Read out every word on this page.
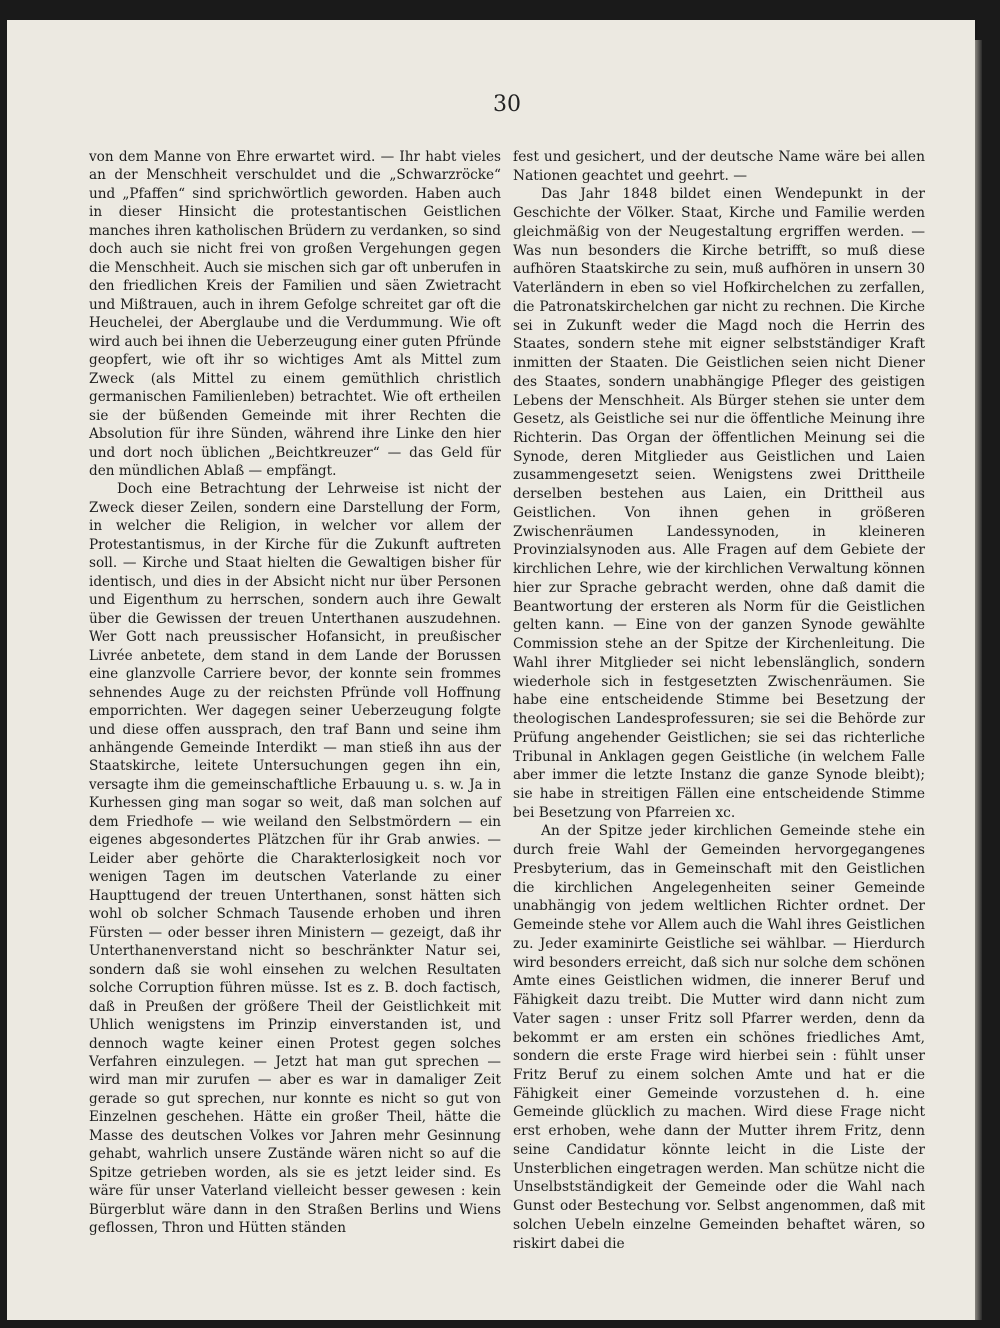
30

von dem Manne von Ehre erwartet wird. — Ihr habt vieles an der Menschheit verschuldet und die „Schwarzröcke“ und „Pfaffen“ sind sprichwörtlich geworden. Haben auch in dieser Hinsicht die protestantischen Geistlichen manches ihren katholischen Brüdern zu verdanken, so sind doch auch sie nicht frei von großen Vergehungen gegen die Menschheit. Auch sie mischen sich gar oft unberufen in den friedlichen Kreis der Familien und säen Zwietracht und Mißtrauen, auch in ihrem Gefolge schreitet gar oft die Heuchelei, der Aberglaube und die Verdummung. Wie oft wird auch bei ihnen die Ueberzeugung einer guten Pfründe geopfert, wie oft ihr so wichtiges Amt als Mittel zum Zweck (als Mittel zu einem gemüthlich christlich germanischen Familienleben) betrachtet. Wie oft ertheilen sie der büßenden Gemeinde mit ihrer Rechten die Absolution für ihre Sünden, während ihre Linke den hier und dort noch üblichen „Beichtkreuzer“ — das Geld für den mündlichen Ablaß — empfängt.

Doch eine Betrachtung der Lehrweise ist nicht der Zweck dieser Zeilen, sondern eine Darstellung der Form, in welcher die Religion, in welcher vor allem der Protestantismus, in der Kirche für die Zukunft auftreten soll. — Kirche und Staat hielten die Gewaltigen bisher für identisch, und dies in der Absicht nicht nur über Personen und Eigenthum zu herrschen, sondern auch ihre Gewalt über die Gewissen der treuen Unterthanen auszudehnen. Wer Gott nach preussischer Hofansicht, in preußischer Livrée anbetete, dem stand in dem Lande der Borussen eine glanzvolle Carriere bevor, der konnte sein frommes sehnendes Auge zu der reichsten Pfründe voll Hoffnung emporrichten. Wer dagegen seiner Ueberzeugung folgte und diese offen aussprach, den traf Bann und seine ihm anhängende Gemeinde Interdikt — man stieß ihn aus der Staatskirche, leitete Untersuchungen gegen ihn ein, versagte ihm die gemeinschaftliche Erbauung u. s. w. Ja in Kurhessen ging man sogar so weit, daß man solchen auf dem Friedhofe — wie weiland den Selbstmördern — ein eigenes abgesondertes Plätzchen für ihr Grab anwies. — Leider aber gehörte die Charakterlosigkeit noch vor wenigen Tagen im deutschen Vaterlande zu einer Haupttugend der treuen Unterthanen, sonst hätten sich wohl ob solcher Schmach Tausende erhoben und ihren Fürsten — oder besser ihren Ministern — gezeigt, daß ihr Unterthanenverstand nicht so beschränkter Natur sei, sondern daß sie wohl einsehen zu welchen Resultaten solche Corruption führen müsse. Ist es z. B. doch factisch, daß in Preußen der größere Theil der Geistlichkeit mit Uhlich wenigstens im Prinzip einverstanden ist, und dennoch wagte keiner einen Protest gegen solches Verfahren einzulegen. — Jetzt hat man gut sprechen — wird man mir zurufen — aber es war in damaliger Zeit gerade so gut sprechen, nur konnte es nicht so gut von Einzelnen geschehen. Hätte ein großer Theil, hätte die Masse des deutschen Volkes vor Jahren mehr Gesinnung gehabt, wahrlich unsere Zustände wären nicht so auf die Spitze getrieben worden, als sie es jetzt leider sind. Es wäre für unser Vaterland vielleicht besser gewesen : kein Bürgerblut wäre dann in den Straßen Berlins und Wiens geflossen, Thron und Hütten ständen

fest und gesichert, und der deutsche Name wäre bei allen Nationen geachtet und geehrt. —

Das Jahr 1848 bildet einen Wendepunkt in der Geschichte der Völker. Staat, Kirche und Familie werden gleichmäßig von der Neugestaltung ergriffen werden. — Was nun besonders die Kirche betrifft, so muß diese aufhören Staatskirche zu sein, muß aufhören in unsern 30 Vaterländern in eben so viel Hofkirchelchen zu zerfallen, die Patronatskirchelchen gar nicht zu rechnen. Die Kirche sei in Zukunft weder die Magd noch die Herrin des Staates, sondern stehe mit eigner selbstständiger Kraft inmitten der Staaten. Die Geistlichen seien nicht Diener des Staates, sondern unabhängige Pfleger des geistigen Lebens der Menschheit. Als Bürger stehen sie unter dem Gesetz, als Geistliche sei nur die öffentliche Meinung ihre Richterin. Das Organ der öffentlichen Meinung sei die Synode, deren Mitglieder aus Geistlichen und Laien zusammengesetzt seien. Wenigstens zwei Drittheile derselben bestehen aus Laien, ein Drittheil aus Geistlichen. Von ihnen gehen in größeren Zwischenräumen Landessynoden, in kleineren Provinzialsynoden aus. Alle Fragen auf dem Gebiete der kirchlichen Lehre, wie der kirchlichen Verwaltung können hier zur Sprache gebracht werden, ohne daß damit die Beantwortung der ersteren als Norm für die Geistlichen gelten kann. — Eine von der ganzen Synode gewählte Commission stehe an der Spitze der Kirchenleitung. Die Wahl ihrer Mitglieder sei nicht lebenslänglich, sondern wiederhole sich in festgesetzten Zwischenräumen. Sie habe eine entscheidende Stimme bei Besetzung der theologischen Landesprofessuren; sie sei die Behörde zur Prüfung angehender Geistlichen; sie sei das richterliche Tribunal in Anklagen gegen Geistliche (in welchem Falle aber immer die letzte Instanz die ganze Synode bleibt); sie habe in streitigen Fällen eine entscheidende Stimme bei Besetzung von Pfarreien xc.

An der Spitze jeder kirchlichen Gemeinde stehe ein durch freie Wahl der Gemeinden hervorgegangenes Presbyterium, das in Gemeinschaft mit den Geistlichen die kirchlichen Angelegenheiten seiner Gemeinde unabhängig von jedem weltlichen Richter ordnet. Der Gemeinde stehe vor Allem auch die Wahl ihres Geistlichen zu. Jeder examinirte Geistliche sei wählbar. — Hierdurch wird besonders erreicht, daß sich nur solche dem schönen Amte eines Geistlichen widmen, die innerer Beruf und Fähigkeit dazu treibt. Die Mutter wird dann nicht zum Vater sagen : unser Fritz soll Pfarrer werden, denn da bekommt er am ersten ein schönes friedliches Amt, sondern die erste Frage wird hierbei sein : fühlt unser Fritz Beruf zu einem solchen Amte und hat er die Fähigkeit einer Gemeinde vorzustehen d. h. eine Gemeinde glücklich zu machen. Wird diese Frage nicht erst erhoben, wehe dann der Mutter ihrem Fritz, denn seine Candidatur könnte leicht in die Liste der Unsterblichen eingetragen werden. Man schütze nicht die Unselbstständigkeit der Gemeinde oder die Wahl nach Gunst oder Bestechung vor. Selbst angenommen, daß mit solchen Uebeln einzelne Gemeinden behaftet wären, so riskirt dabei die
